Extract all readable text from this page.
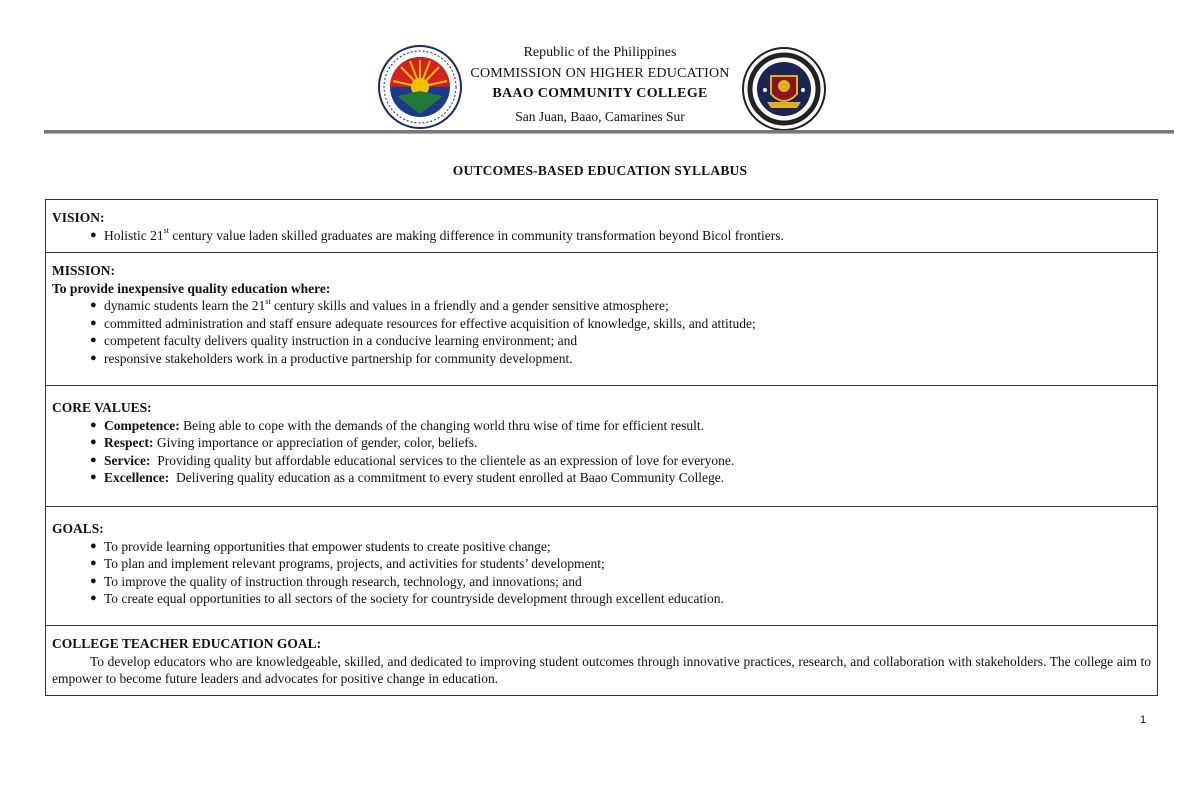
Republic of the Philippines
COMMISSION ON HIGHER EDUCATION
BAAO COMMUNITY COLLEGE
San Juan, Baao, Camarines Sur
OUTCOMES-BASED EDUCATION SYLLABUS
VISION:
● Holistic 21st century value laden skilled graduates are making difference in community transformation beyond Bicol frontiers.
MISSION:
To provide inexpensive quality education where:
● dynamic students learn the 21st century skills and values in a friendly and a gender sensitive atmosphere;
● committed administration and staff ensure adequate resources for effective acquisition of knowledge, skills, and attitude;
● competent faculty delivers quality instruction in a conducive learning environment; and
● responsive stakeholders work in a productive partnership for community development.
CORE VALUES:
● Competence: Being able to cope with the demands of the changing world thru wise of time for efficient result.
● Respect: Giving importance or appreciation of gender, color, beliefs.
● Service:  Providing quality but affordable educational services to the clientele as an expression of love for everyone.
● Excellence:  Delivering quality education as a commitment to every student enrolled at Baao Community College.
GOALS:
● To provide learning opportunities that empower students to create positive change;
● To plan and implement relevant programs, projects, and activities for students’ development;
● To improve the quality of instruction through research, technology, and innovations; and
● To create equal opportunities to all sectors of the society for countryside development through excellent education.
COLLEGE TEACHER EDUCATION GOAL:
To develop educators who are knowledgeable, skilled, and dedicated to improving student outcomes through innovative practices, research, and collaboration with stakeholders. The college aim to empower to become future leaders and advocates for positive change in education.
1
